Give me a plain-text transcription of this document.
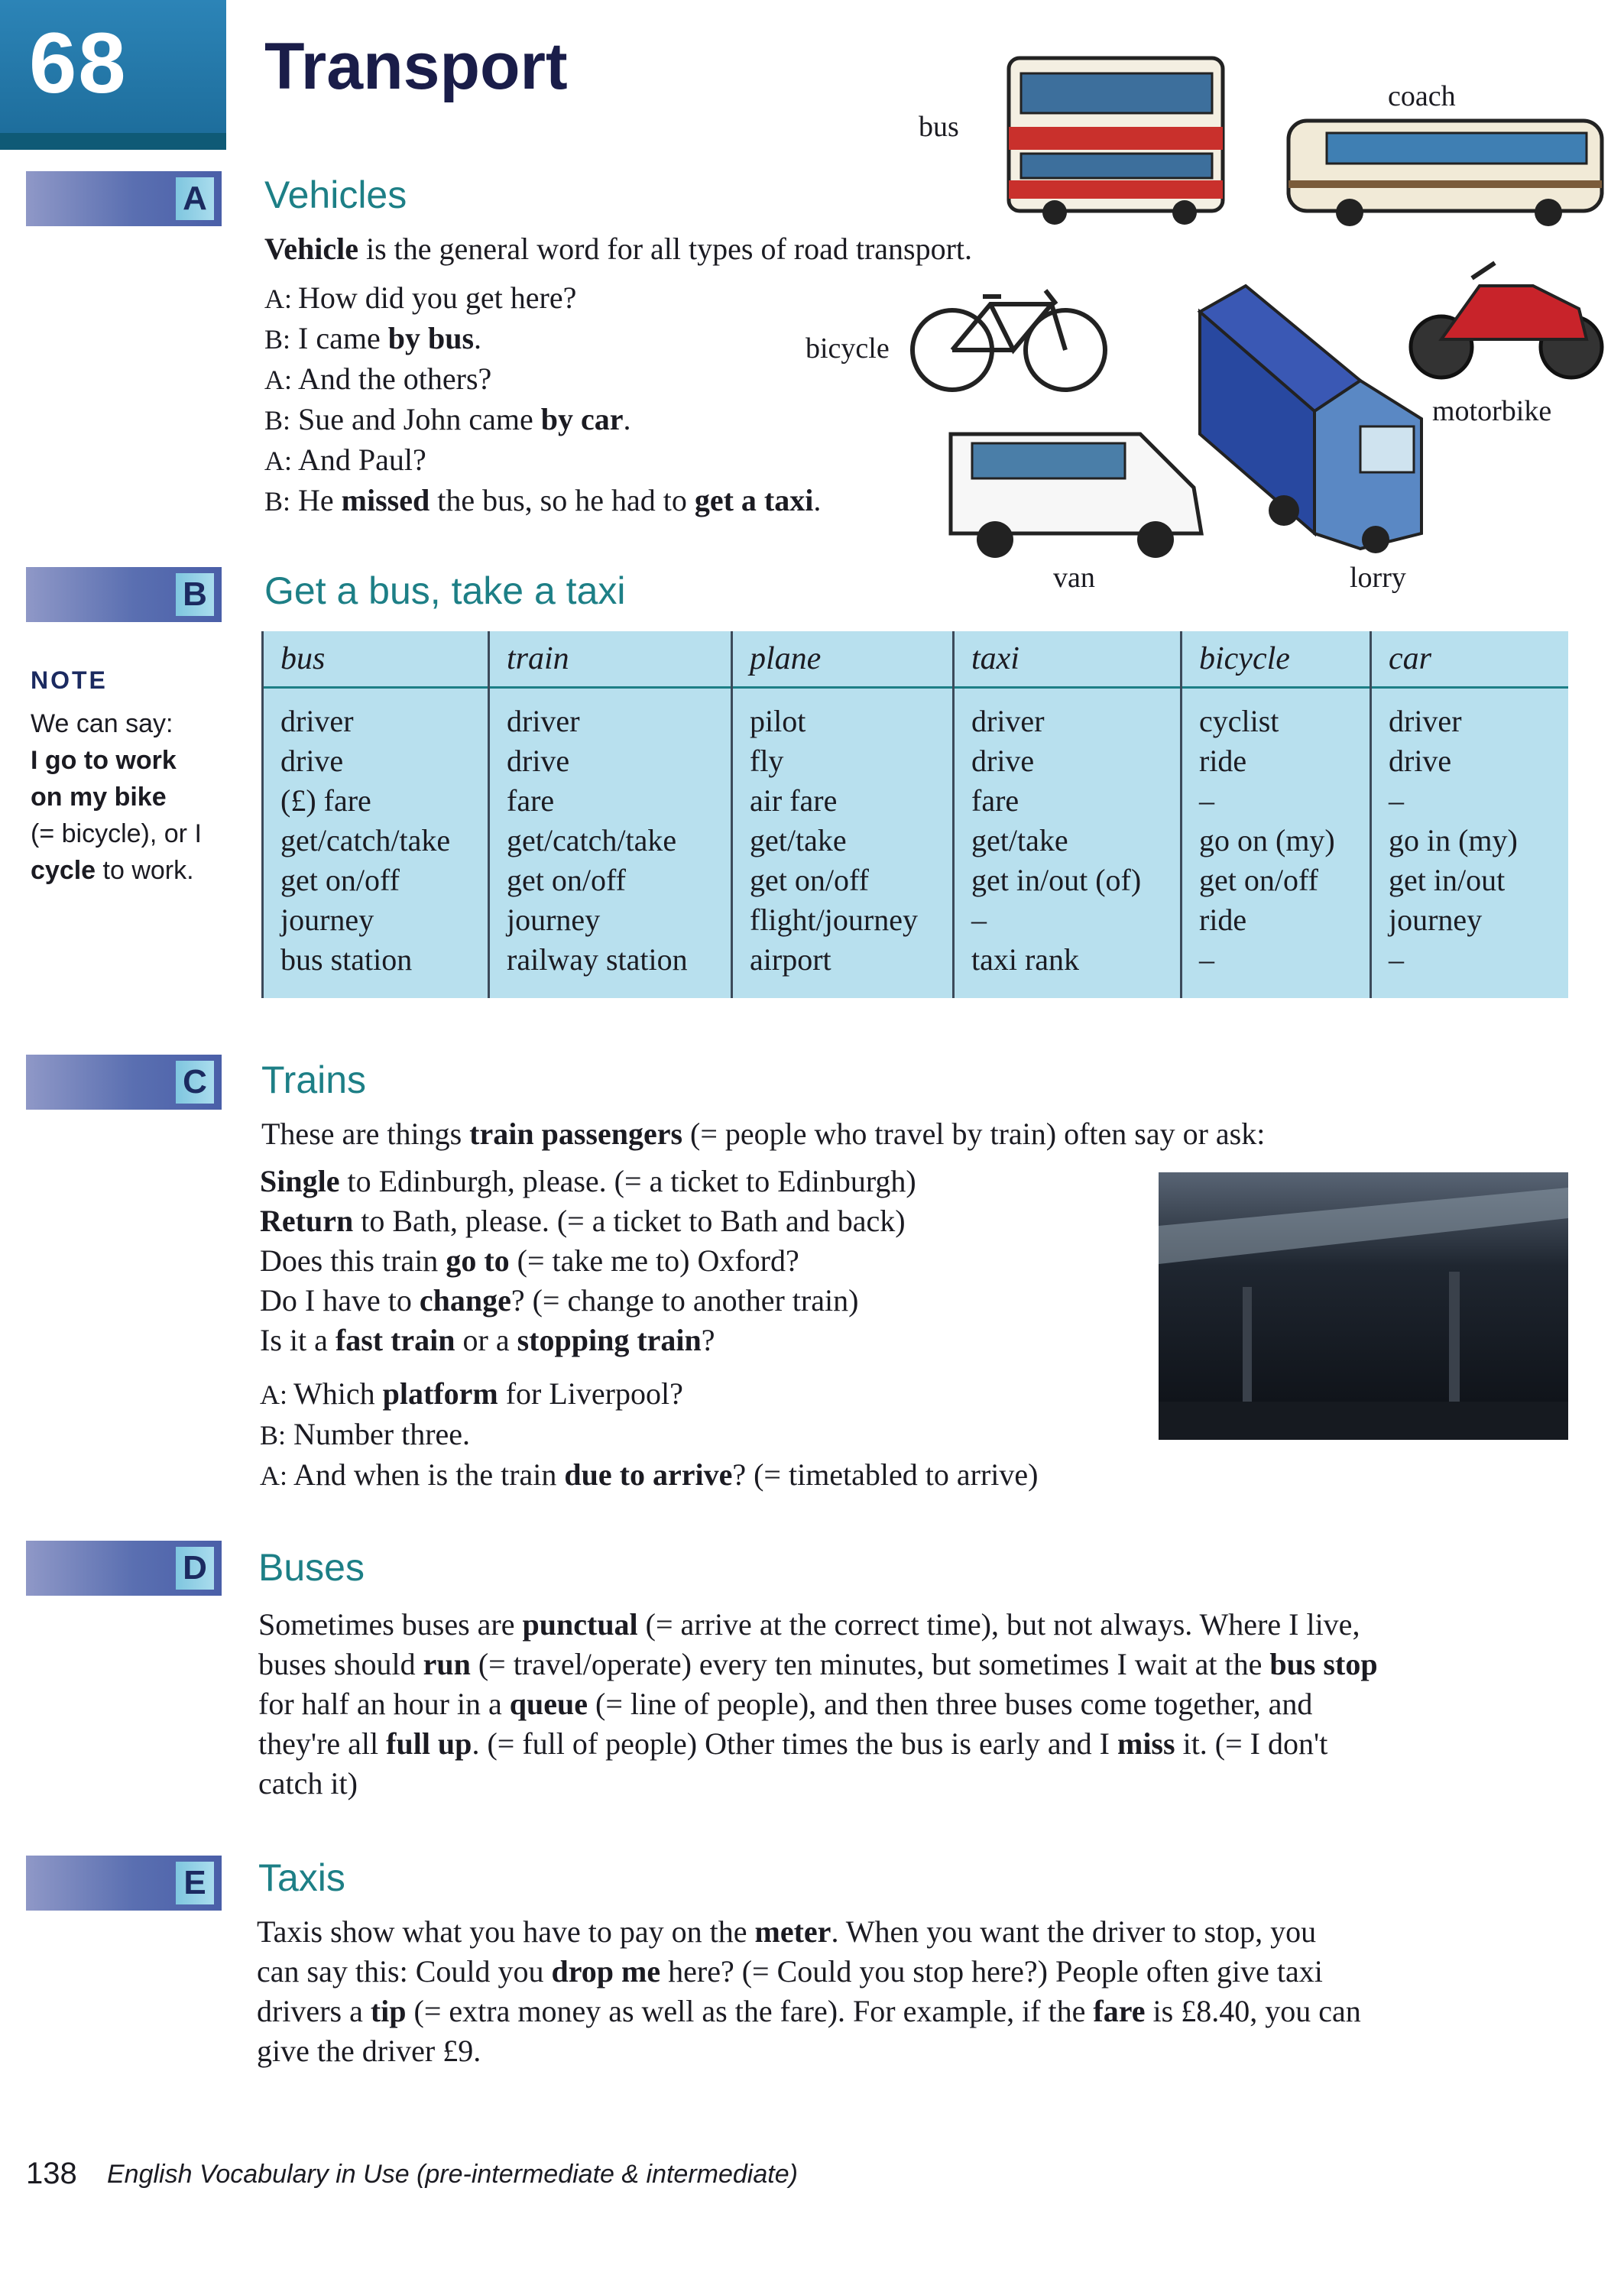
68 Transport
bus
coach
bicycle
lorry
motorbike
van
A Vehicles
Vehicle is the general word for all types of road transport.
A: How did you get here?
B: I came by bus.
A: And the others?
B: Sue and John came by car.
A: And Paul?
B: He missed the bus, so he had to get a taxi.
B Get a bus, take a taxi
NOTE
We can say:
I go to work
on my bike
(= bicycle), or I
cycle to work.
bus
driver
drive
(£) fare
get/catch/take
get on/off
journey
bus station
train
driver
drive
fare
get/catch/take
get on/off
journey
railway station
plane
pilot
fly
air fare
get/take
get on/off
flight/journey
airport
taxi
driver
drive
fare
get/take
get in/out (of)
–
taxi rank
bicycle
cyclist
ride
–
go on (my)
get on/off
ride
–
car
driver
drive
–
go in (my)
get in/out
journey
–
C Trains
These are things train passengers (= people who travel by train) often say or ask:
Single to Edinburgh, please. (= a ticket to Edinburgh)
Return to Bath, please. (= a ticket to Bath and back)
Does this train go to (= take me to) Oxford?
Do I have to change? (= change to another train)
Is it a fast train or a stopping train?
A: Which platform for Liverpool?
B: Number three.
A: And when is the train due to arrive? (= timetabled to arrive)
D Buses
Sometimes buses are punctual (= arrive at the correct time), but not always. Where I live,
buses should run (= travel/operate) every ten minutes, but sometimes I wait at the bus stop
for half an hour in a queue (= line of people), and then three buses come together, and
they're all full up. (= full of people) Other times the bus is early and I miss it. (= I don't
catch it)
E Taxis
Taxis show what you have to pay on the meter. When you want the driver to stop, you
can say this: Could you drop me here? (= Could you stop here?) People often give taxi
drivers a tip (= extra money as well as the fare). For example, if the fare is £8.40, you can
give the driver £9.
138 English Vocabulary in Use (pre-intermediate & intermediate)
